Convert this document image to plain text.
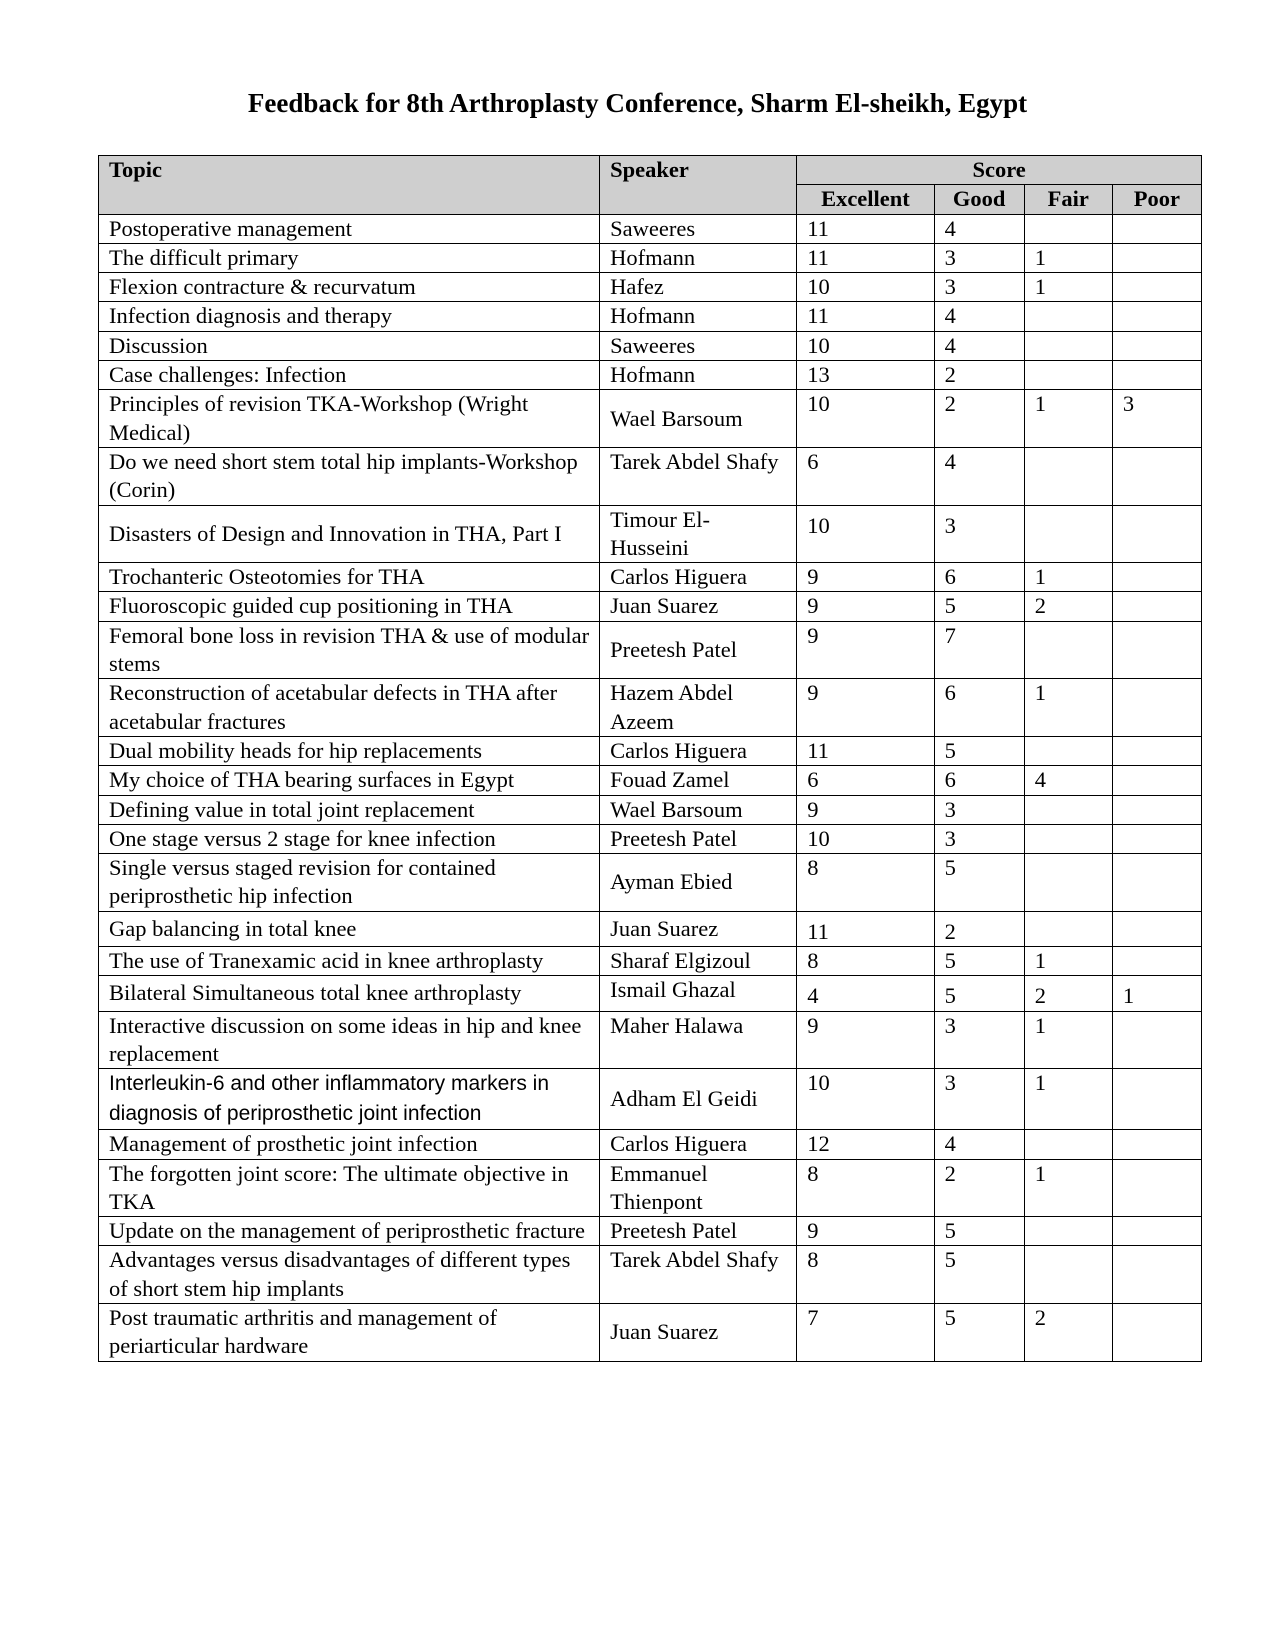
Feedback for 8th Arthroplasty Conference, Sharm El-sheikh, Egypt
Topic	Speaker	Score			
		Excellent	Good	Fair	Poor
Postoperative management	Saweeres	11	4		
The difficult primary	Hofmann	11	3	1	
Flexion contracture & recurvatum	Hafez	10	3	1	
Infection diagnosis and therapy	Hofmann	11	4		
Discussion	Saweeres	10	4		
Case challenges: Infection	Hofmann	13	2		
Principles of revision TKA-Workshop (Wright Medical)	Wael Barsoum	10	2	1	3
Do we need short stem total hip implants-Workshop (Corin)	Tarek Abdel Shafy	6	4		
Disasters of Design and Innovation in THA, Part I	Timour El-Husseini	10	3		
Trochanteric Osteotomies for THA	Carlos Higuera	9	6	1	
Fluoroscopic guided cup positioning in THA	Juan Suarez	9	5	2	
Femoral bone loss in revision THA & use of modular stems	Preetesh Patel	9	7		
Reconstruction of acetabular defects in THA after acetabular fractures	Hazem Abdel Azeem	9	6	1	
Dual mobility heads for hip replacements	Carlos Higuera	11	5		
My choice of THA bearing surfaces in Egypt	Fouad Zamel	6	6	4	
Defining value in total joint replacement	Wael Barsoum	9	3		
One stage versus 2 stage for knee infection	Preetesh Patel	10	3		
Single versus staged revision for contained periprosthetic hip infection	Ayman Ebied	8	5		
Gap balancing in total knee	Juan Suarez	11	2		
The use of Tranexamic acid in knee arthroplasty	Sharaf Elgizoul	8	5	1	
Bilateral Simultaneous total knee arthroplasty	Ismail Ghazal	4	5	2	1
Interactive discussion on some ideas in hip and knee replacement	Maher Halawa	9	3	1	
Interleukin-6 and other inflammatory markers in diagnosis of periprosthetic joint infection	Adham El Geidi	10	3	1	
Management of prosthetic joint infection	Carlos Higuera	12	4		
The forgotten joint score: The ultimate objective in TKA	Emmanuel Thienpont	8	2	1	
Update on the management of periprosthetic fracture	Preetesh Patel	9	5		
Advantages versus disadvantages of different types of short stem hip implants	Tarek Abdel Shafy	8	5		
Post traumatic arthritis and management of periarticular hardware	Juan Suarez	7	5	2	
